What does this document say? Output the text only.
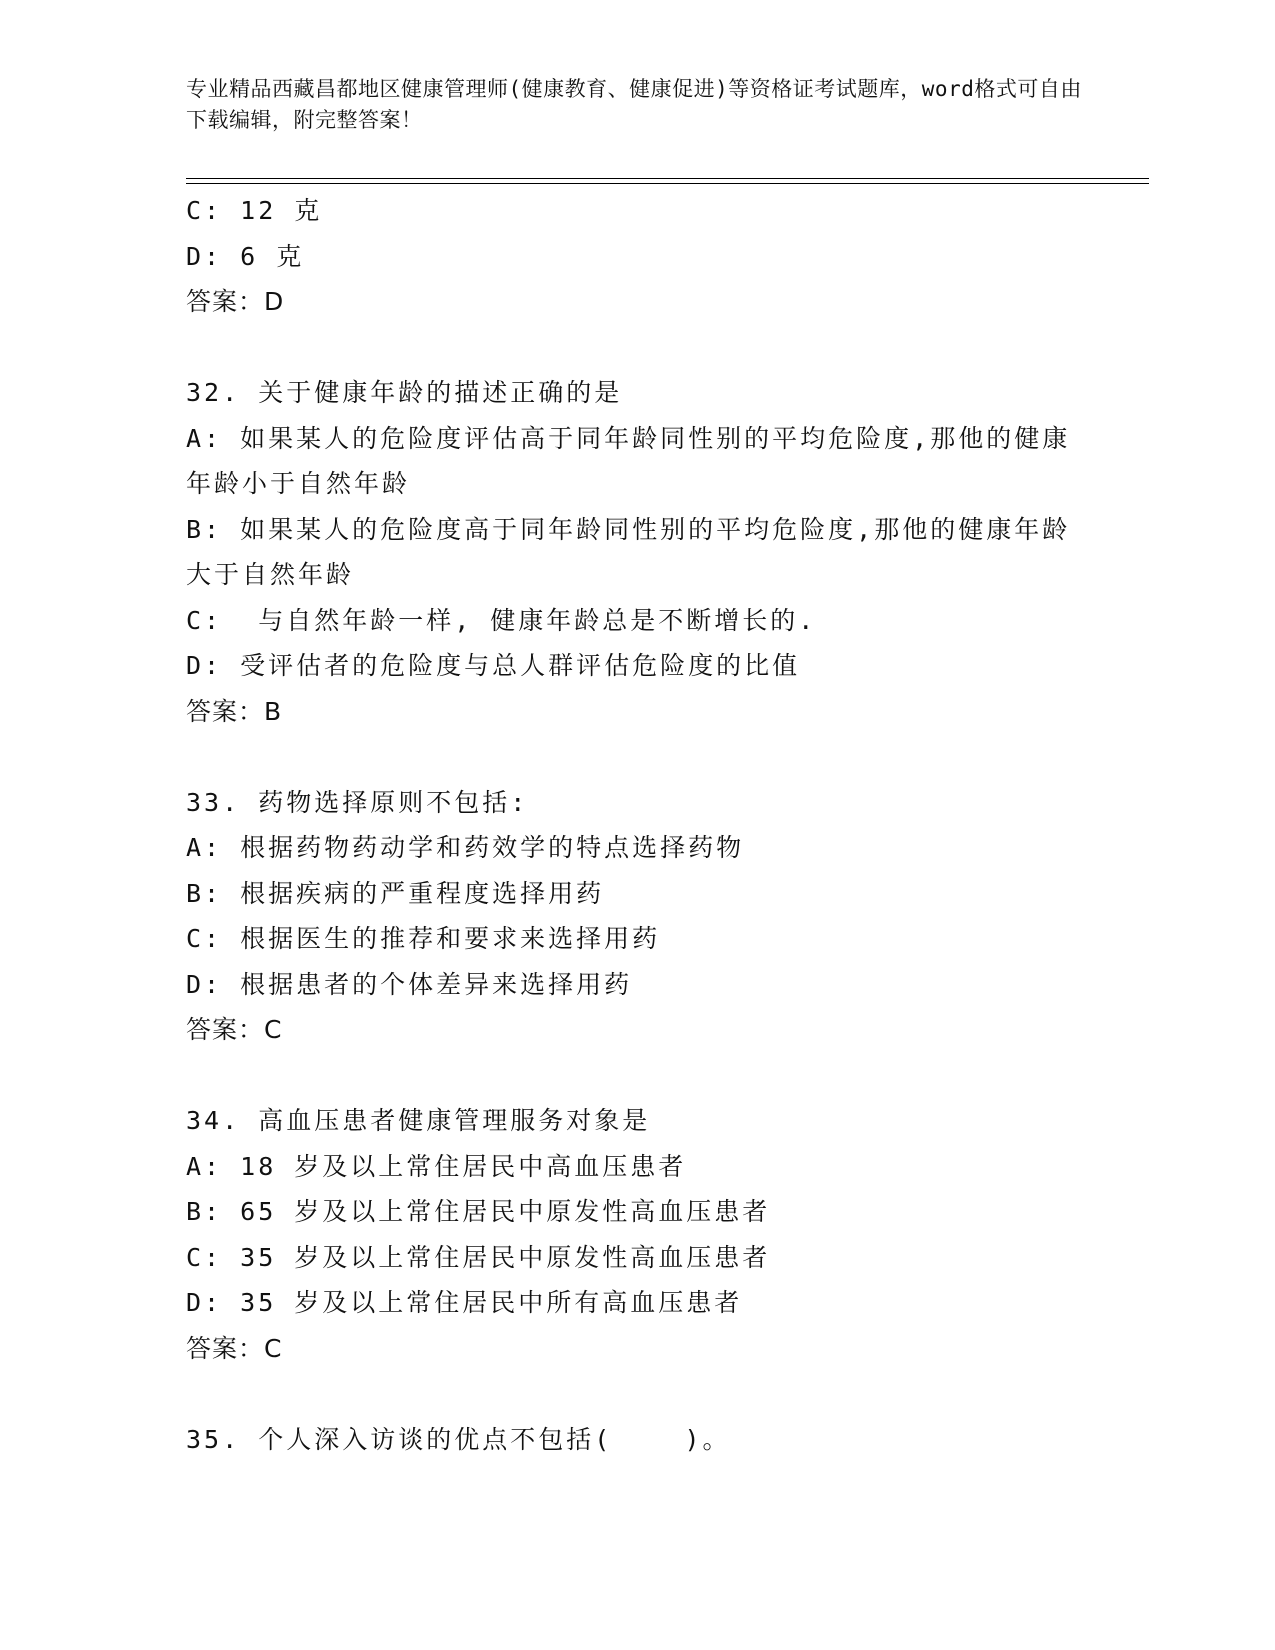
专业精品西藏昌都地区健康管理师(健康教育、健康促进)等资格证考试题库，word格式可自由下载编辑，附完整答案！
C: 12 克
D: 6 克
答案：D
32. 关于健康年龄的描述正确的是
A: 如果某人的危险度评估高于同年龄同性别的平均危险度,那他的健康年龄小于自然年龄
B: 如果某人的危险度高于同年龄同性别的平均危险度,那他的健康年龄大于自然年龄
C:  与自然年龄一样, 健康年龄总是不断增长的.
D: 受评估者的危险度与总人群评估危险度的比值
答案：B
33. 药物选择原则不包括:
A: 根据药物药动学和药效学的特点选择药物
B: 根据疾病的严重程度选择用药
C: 根据医生的推荐和要求来选择用药
D: 根据患者的个体差异来选择用药
答案：C
34. 高血压患者健康管理服务对象是
A: 18 岁及以上常住居民中高血压患者
B: 65 岁及以上常住居民中原发性高血压患者
C: 35 岁及以上常住居民中原发性高血压患者
D: 35 岁及以上常住居民中所有高血压患者
答案：C
35. 个人深入访谈的优点不包括(    )。
